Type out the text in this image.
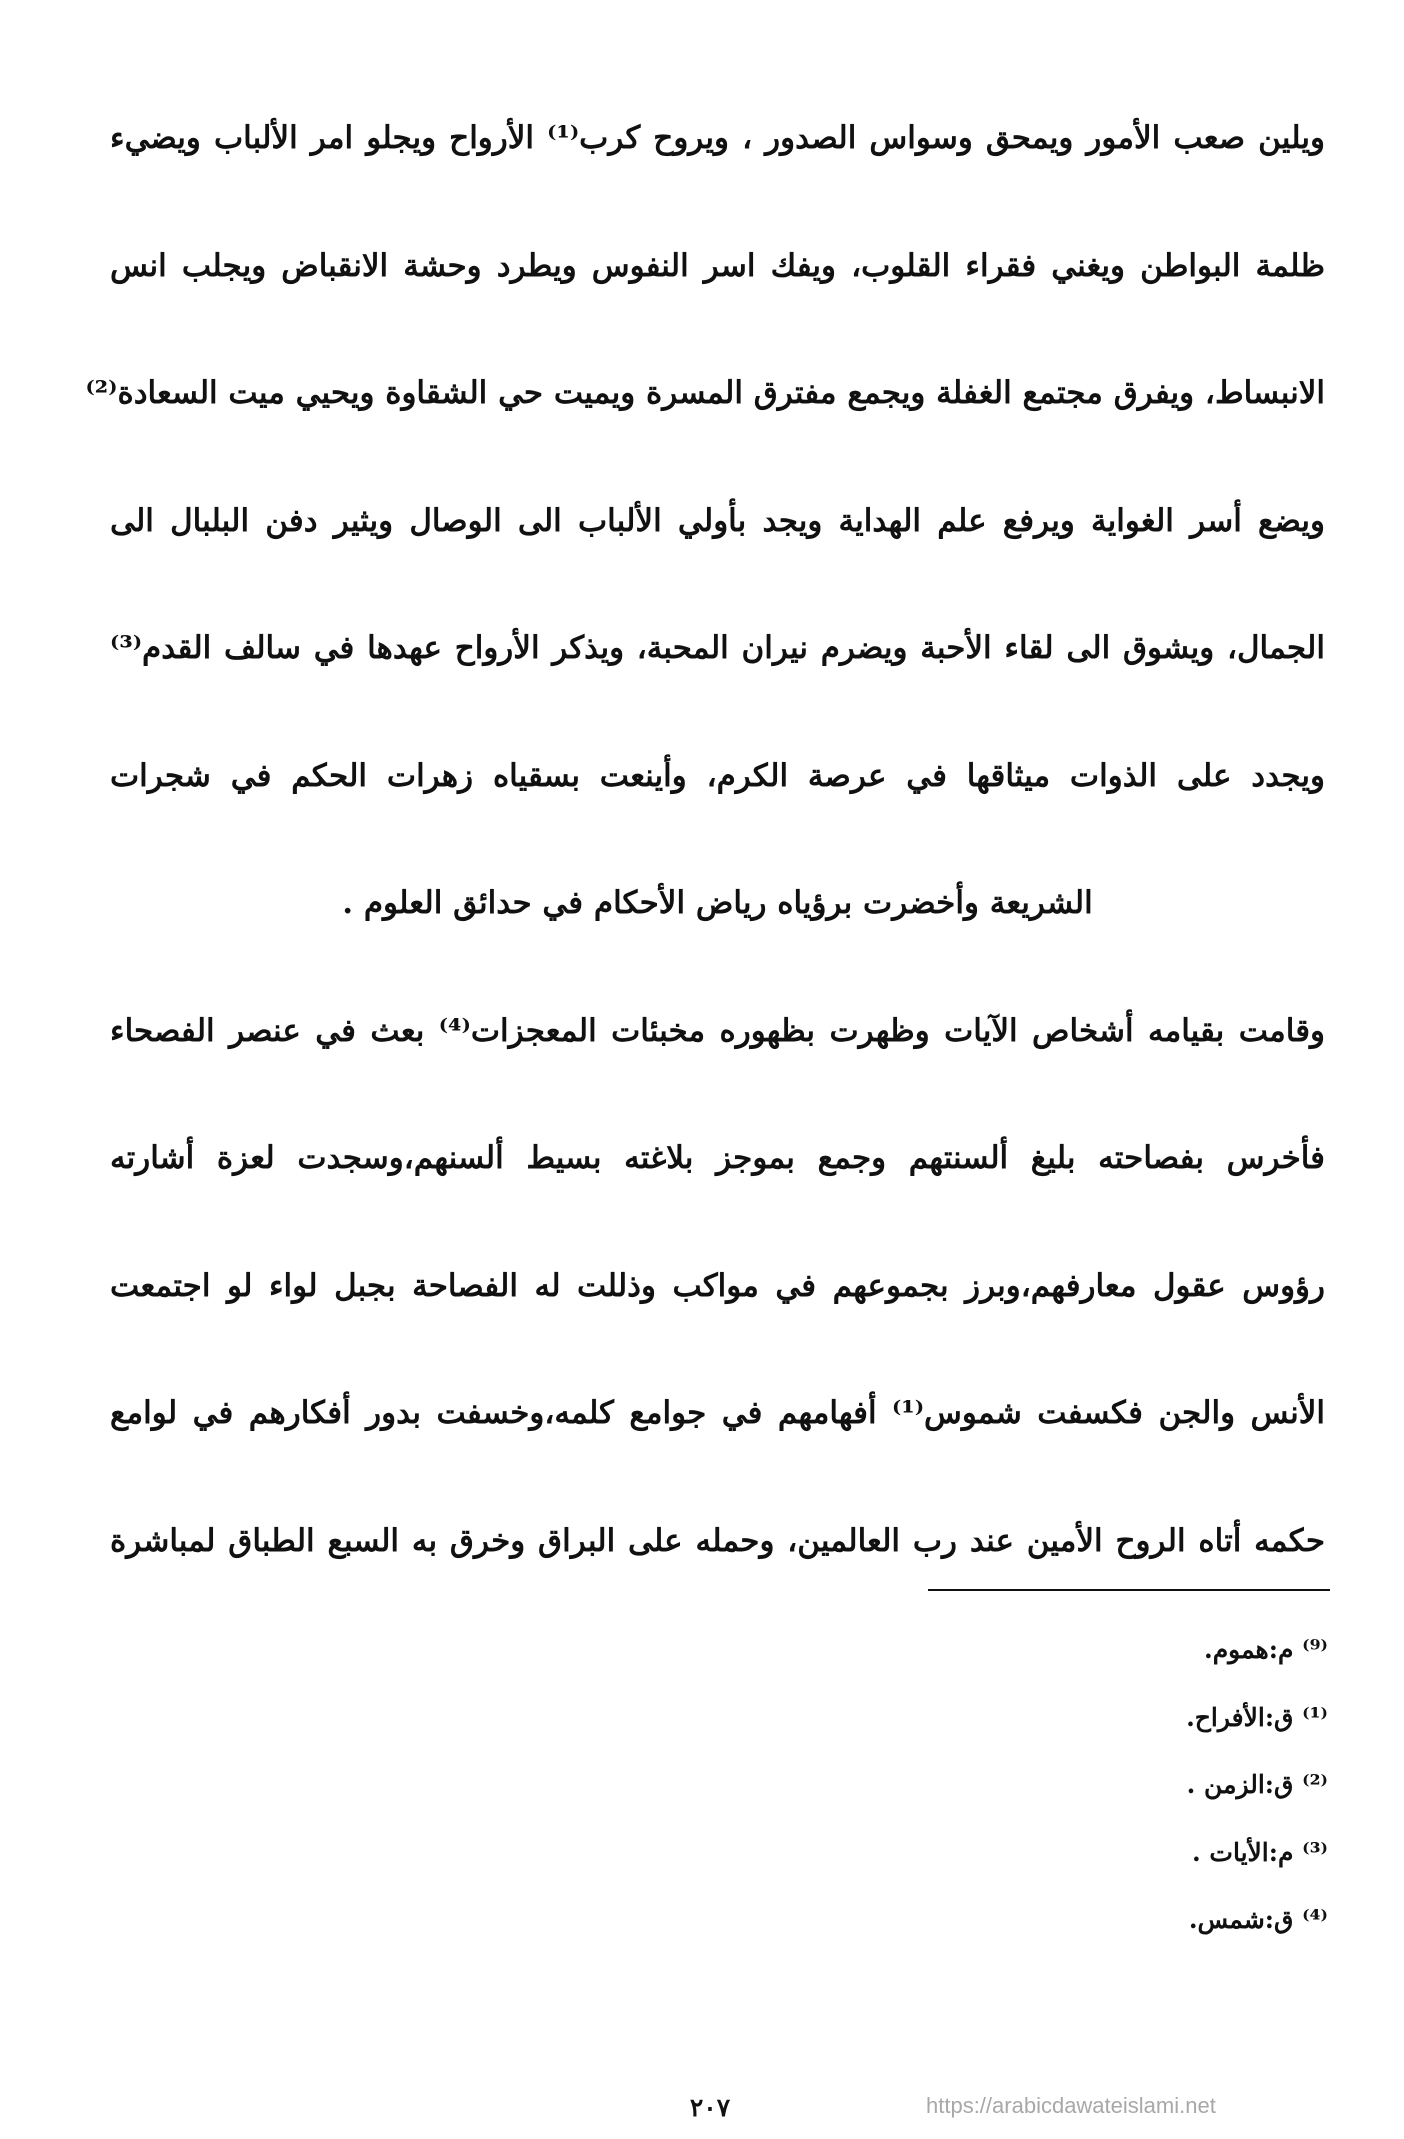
ويلين صعب الأمور ويمحق وسواس الصدور ، ويروح كرب⁽¹⁾ الأرواح ويجلو امر الألباب ويضيء
ظلمة البواطن ويغني فقراء القلوب، ويفك اسر النفوس ويطرد وحشة الانقباض ويجلب انس
الانبساط، ويفرق مجتمع الغفلة ويجمع مفترق المسرة ويميت حي الشقاوة ويحيي ميت السعادة⁽²⁾
ويضع أسر الغواية ويرفع علم الهداية ويجد بأولي الألباب الى الوصال ويثير دفن البلبال الى
الجمال، ويشوق الى لقاء الأحبة ويضرم نيران المحبة، ويذكر الأرواح عهدها في سالف القدم⁽³⁾
ويجدد على الذوات ميثاقها في عرصة الكرم، وأينعت بسقياه زهرات الحكم في شجرات
الشريعة وأخضرت برؤياه رياض الأحكام في حدائق العلوم .
وقامت بقيامه أشخاص الآيات وظهرت بظهوره مخبئات المعجزات⁽⁴⁾ بعث في عنصر الفصحاء
فأخرس بفصاحته بليغ ألسنتهم وجمع بموجز بلاغته بسيط ألسنهم،وسجدت لعزة أشارته
رؤوس عقول معارفهم،وبرز بجموعهم في مواكب وذللت له الفصاحة بجبل لواء لو اجتمعت
الأنس والجن فكسفت شموس⁽¹⁾ أفهامهم في جوامع كلمه،وخسفت بدور أفكارهم في لوامع
حكمه أتاه الروح الأمين عند رب العالمين، وحمله على البراق وخرق به السبع الطباق لمباشرة
⁽⁹⁾ م:هموم.
⁽¹⁾ ق:الأفراح.
⁽²⁾ ق:الزمن .
⁽³⁾ م:الأيات .
⁽⁴⁾ ق:شمس.
٢٠٧	https://arabicdawateislami.net
